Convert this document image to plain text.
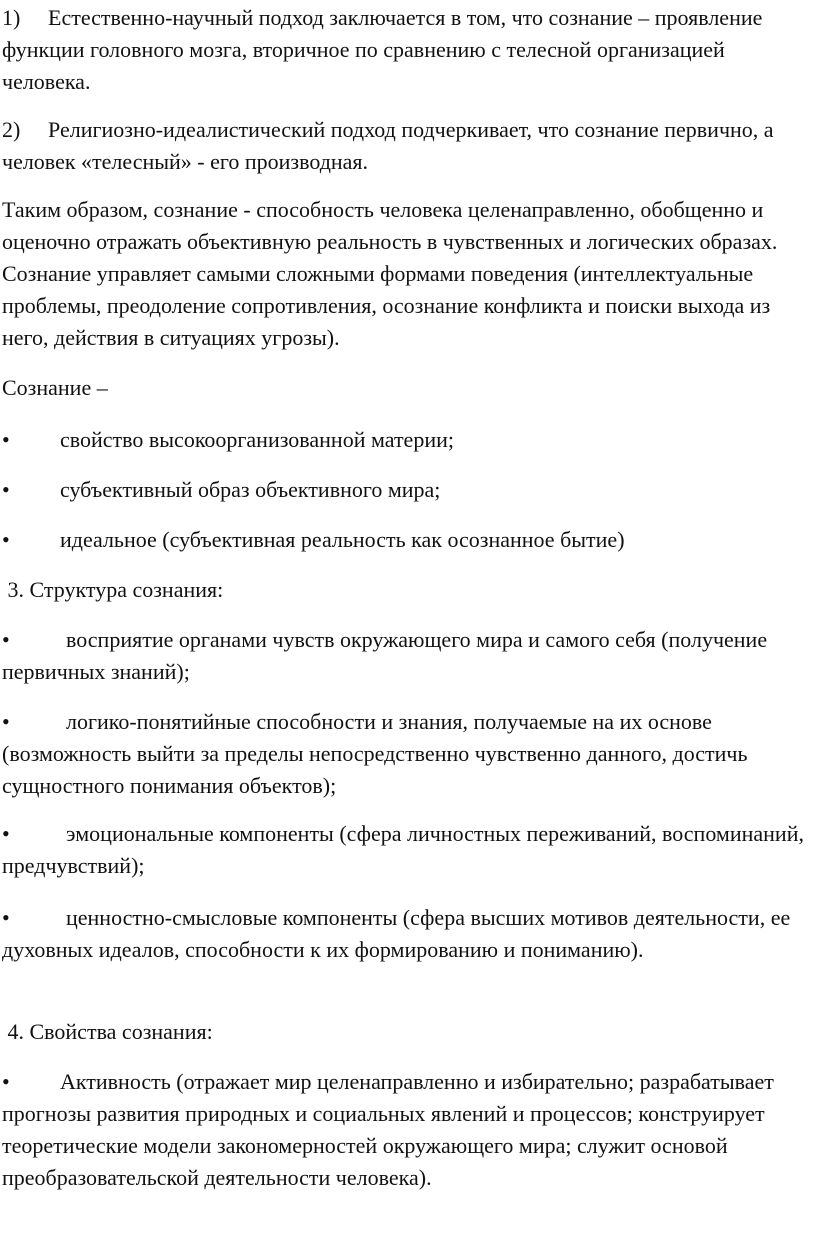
1) Естественно-научный подход заключается в том, что сознание – проявление функции головного мозга, вторичное по сравнению с телесной организацией человека.

2) Религиозно-идеалистический подход подчеркивает, что сознание первично, а человек «телесный» - его производная.

Таким образом, сознание - способность человека целенаправленно, обобщенно и оценочно отражать объективную реальность в чувственных и логических образах. Сознание управляет самыми сложными формами поведения (интеллектуальные проблемы, преодоление сопротивления, осознание конфликта и поиски выхода из него, действия в ситуациях угрозы).

Сознание –

• свойство высокоорганизованной материи;

• субъективный образ объективного мира;

• идеальное (субъективная реальность как осознанное бытие)

3. Структура сознания:

•	восприятие органами чувств окружающего мира и самого себя (получение первичных знаний);

•	логико-понятийные способности и знания, получаемые на их основе (возможность выйти за пределы непосредственно чувственно данного, достичь сущностного понимания объектов);

•	эмоциональные компоненты (сфера личностных переживаний, воспоминаний, предчувствий);

•	ценностно-смысловые компоненты (сфера высших мотивов деятельности, ее духовных идеалов, способности к их формированию и пониманию).

4. Свойства сознания:

• Активность (отражает мир целенаправленно и избирательно; разрабатывает прогнозы развития природных и социальных явлений и процессов; конструирует теоретические модели закономерностей окружающего мира; служит основой преобразовательской деятельности человека).
